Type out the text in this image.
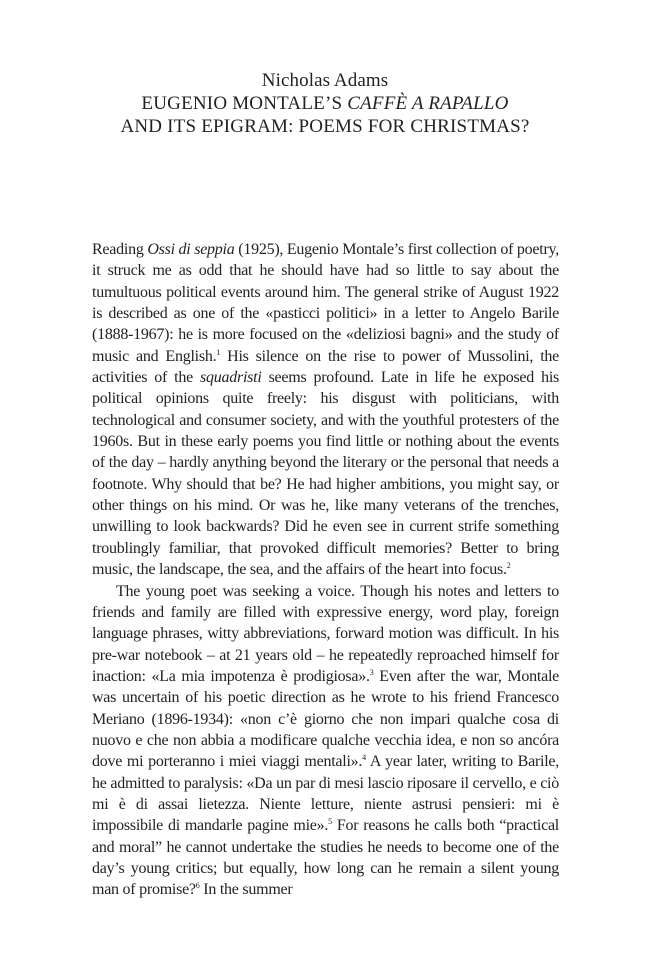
Nicholas Adams
EUGENIO MONTALE’S CAFFÈ A RAPALLO
AND ITS EPIGRAM: POEMS FOR CHRISTMAS?

Reading Ossi di seppia (1925), Eugenio Montale’s first collection of poetry, it struck me as odd that he should have had so little to say about the tumultuous political events around him. The general strike of August 1922 is described as one of the «pasticci politici» in a letter to Angelo Barile (1888-1967): he is more focused on the «deliziosi bagni» and the study of music and English.$^1$ His silence on the rise to power of Mussolini, the activities of the squadristi seems profound. Late in life he exposed his political opinions quite freely: his disgust with politicians, with technological and consumer society, and with the youthful protesters of the 1960s. But in these early poems you find little or nothing about the events of the day – hardly anything beyond the literary or the personal that needs a footnote. Why should that be? He had higher ambitions, you might say, or other things on his mind. Or was he, like many veterans of the trenches, unwilling to look backwards? Did he even see in current strife something troublingly familiar, that provoked difficult memories? Better to bring music, the landscape, the sea, and the affairs of the heart into focus.$^2$

The young poet was seeking a voice. Though his notes and letters to friends and family are filled with expressive energy, word play, foreign language phrases, witty abbreviations, forward motion was difficult. In his pre-war notebook – at 21 years old – he repeatedly reproached himself for inaction: «La mia impotenza è prodigiosa».$^3$ Even after the war, Montale was uncertain of his poetic direction as he wrote to his friend Francesco Meriano (1896-1934): «non c’è giorno che non impari qualche cosa di nuovo e che non abbia a modificare qualche vecchia idea, e non so ancóra dove mi porteranno i miei viaggi mentali».$^4$ A year later, writing to Barile, he admitted to paralysis: «Da un par di mesi lascio riposare il cervello, e ciò mi è di assai lietezza. Niente letture, niente astrusi pensieri: mi è impossibile di mandarle pagine mie».$^5$ For reasons he calls both “practical and moral” he cannot undertake the studies he needs to become one of the day’s young critics; but equally, how long can he remain a silent young man of promise?$^6$ In the summer
